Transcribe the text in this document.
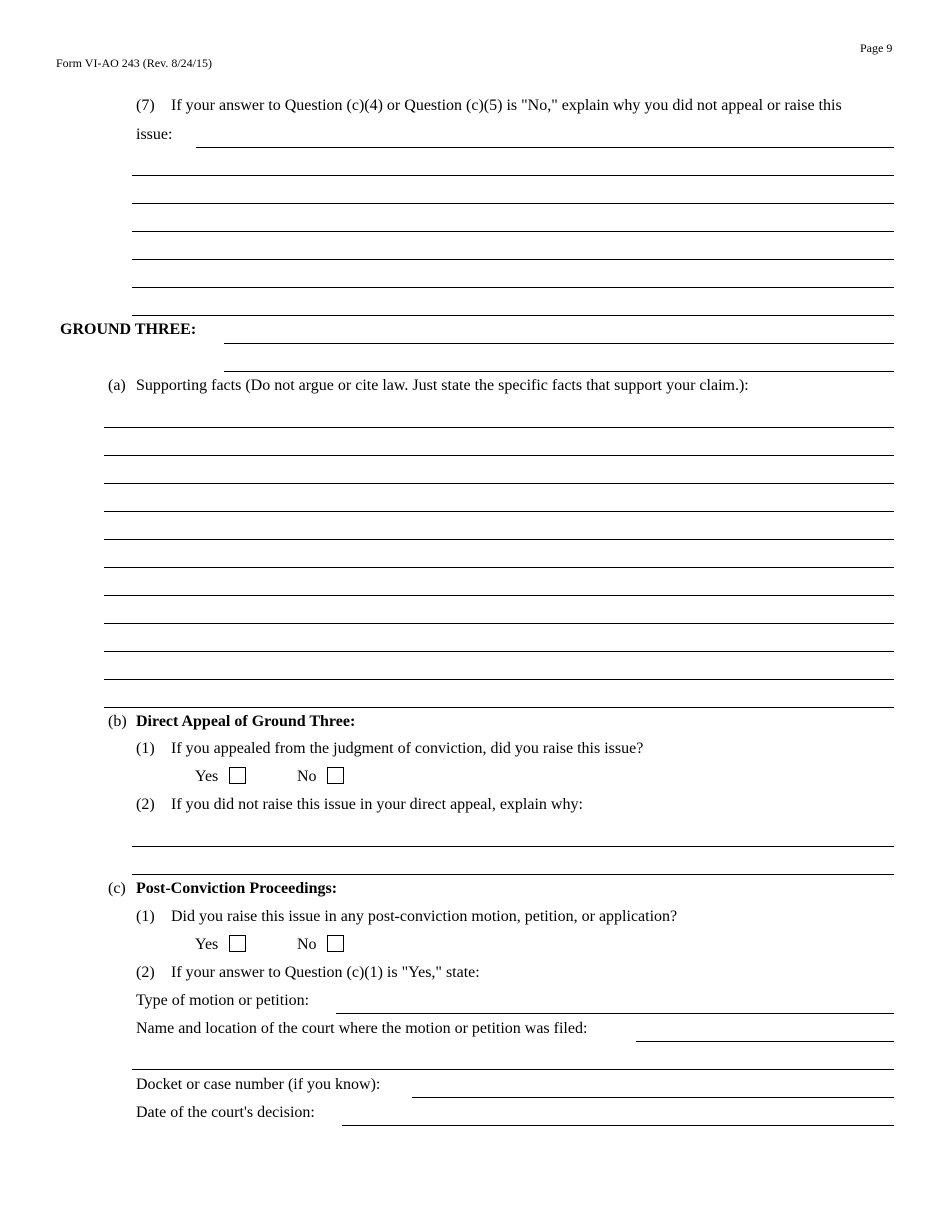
Form VI-AO 243 (Rev. 8/24/15)
Page 9
(7) If your answer to Question (c)(4) or Question (c)(5) is "No," explain why you did not appeal or raise this
issue:
GROUND THREE:
(a) Supporting facts (Do not argue or cite law. Just state the specific facts that support your claim.):
(b) Direct Appeal of Ground Three:
(1) If you appealed from the judgment of conviction, did you raise this issue?
Yes	No
(2) If you did not raise this issue in your direct appeal, explain why:
(c) Post-Conviction Proceedings:
(1) Did you raise this issue in any post-conviction motion, petition, or application?
Yes	No
(2) If your answer to Question (c)(1) is "Yes," state:
Type of motion or petition:
Name and location of the court where the motion or petition was filed:
Docket or case number (if you know):
Date of the court's decision:
